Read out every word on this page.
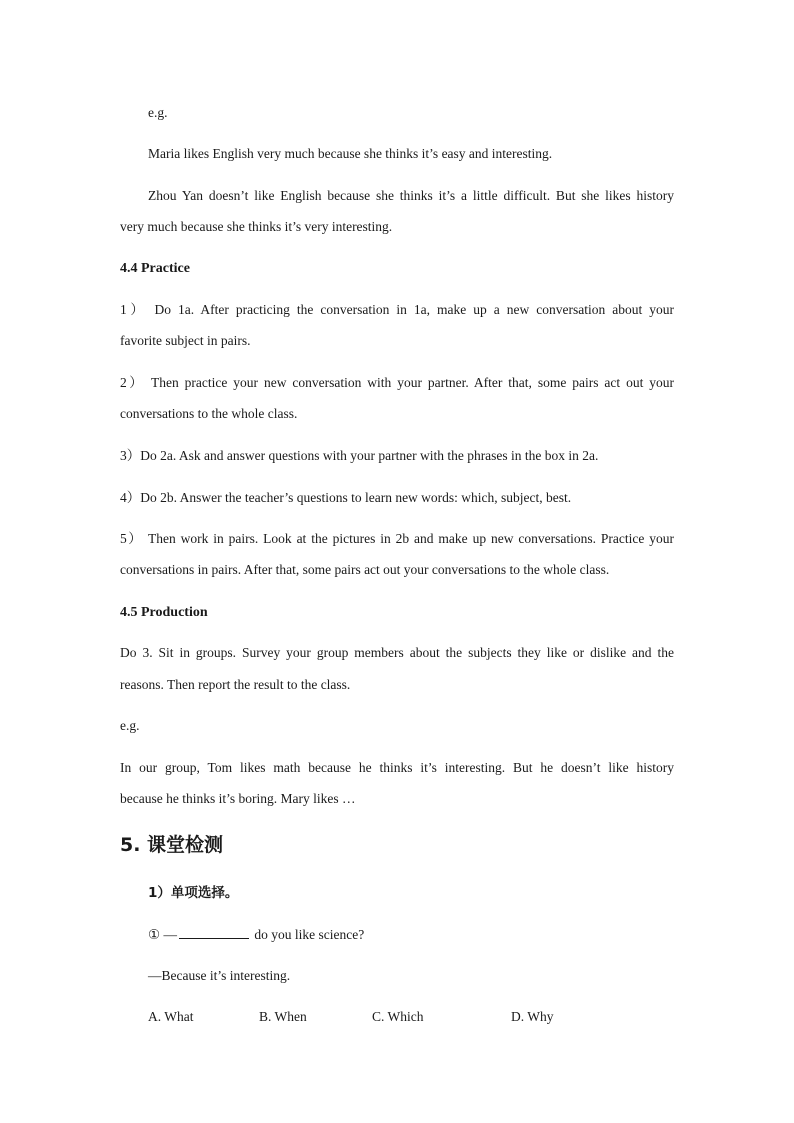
e.g.
Maria likes English very much because she thinks it’s easy and interesting.
Zhou Yan doesn’t like English because she thinks it’s a little difficult. But she likes history
very much because she thinks it’s very interesting.
4.4 Practice
1） Do 1a. After practicing the conversation in 1a, make up a new conversation about your
favorite subject in pairs.
2） Then practice your new conversation with your partner. After that, some pairs act out your
conversations to the whole class.
3）Do 2a. Ask and answer questions with your partner with the phrases in the box in 2a.
4）Do 2b. Answer the teacher’s questions to learn new words: which, subject, best.
5） Then work in pairs. Look at the pictures in 2b and make up new conversations. Practice your
conversations in pairs. After that, some pairs act out your conversations to the whole class.
4.5 Production
Do 3. Sit in groups. Survey your group members about the subjects they like or dislike and the
reasons. Then report the result to the class.
e.g.
In our group, Tom likes math because he thinks it’s interesting. But he doesn’t like history
because he thinks it’s boring. Mary likes …
5. 课堂检测
1）单项选择。
① —	do you like science?
—Because it’s interesting.
A. What	B. When	C. Which	D. Why
